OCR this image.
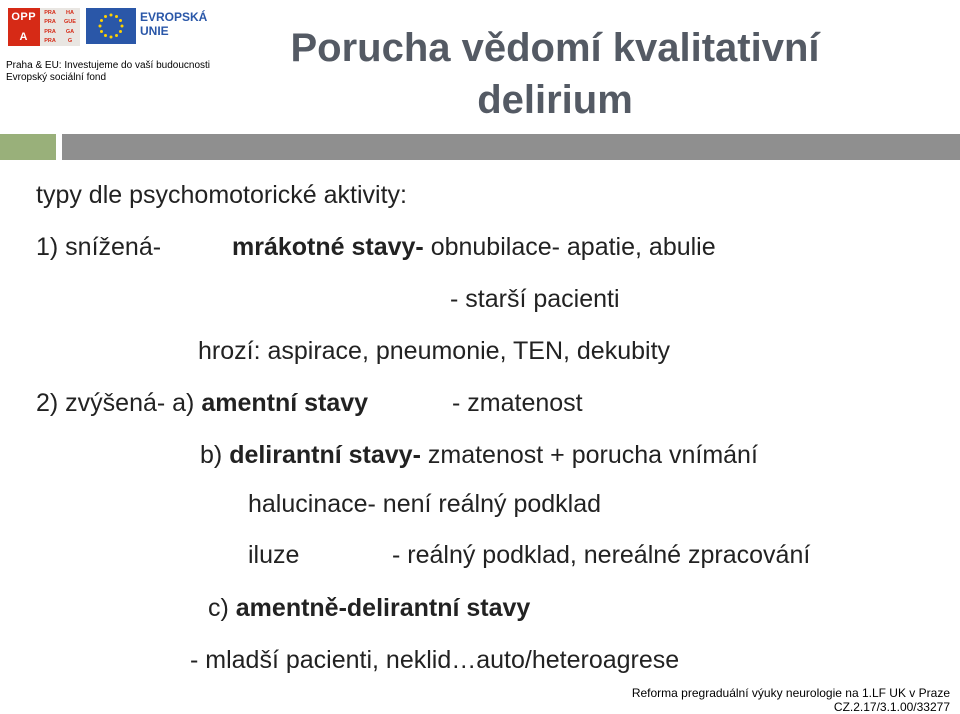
OPP
A
PRA	HA
PRA	GUE
PRA	GA
PRA	G
EVROPSKÁ
UNIE
Praha & EU: Investujeme do vaší budoucnosti
Evropský sociální fond
Porucha vědomí kvalitativní
delirium
typy dle psychomotorické aktivity:
1) snížená-	mrákotné stavy- obnubilace- apatie, abulie
- starší pacienti
hrozí: aspirace, pneumonie, TEN, dekubity
2) zvýšená- a) amentní stavy	- zmatenost
b) delirantní stavy- zmatenost + porucha vnímání
halucinace- není reálný podklad
iluze	- reálný podklad, nereálné zpracování
c) amentně-delirantní stavy
- mladší pacienti, neklid…auto/heteroagrese
Reforma pregraduální výuky neurologie na 1.LF UK v Praze
CZ.2.17/3.1.00/33277
